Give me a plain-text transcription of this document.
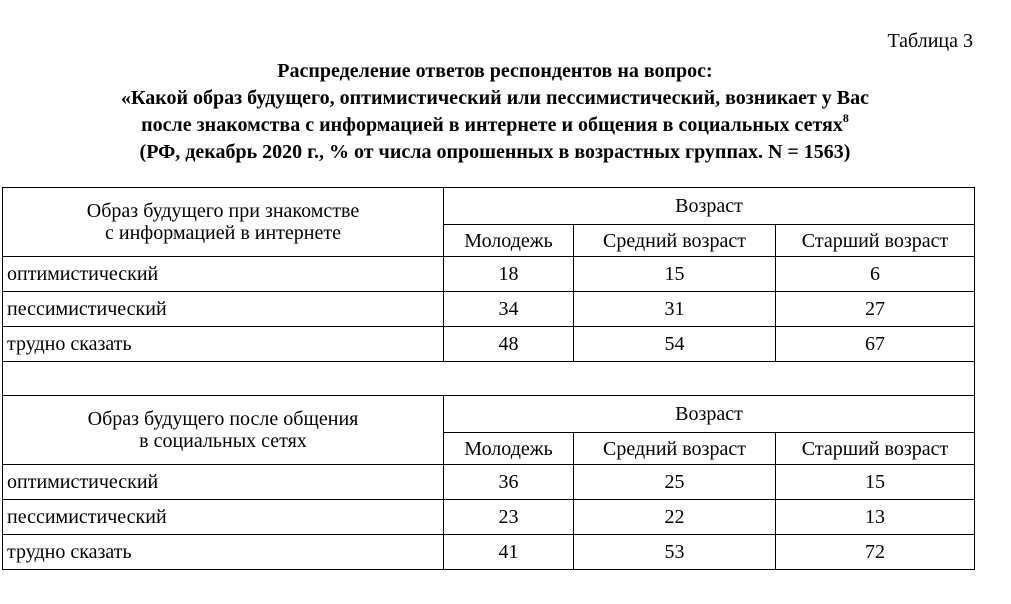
Таблица 3
Распределение ответов респондентов на вопрос:
«Какой образ будущего, оптимистический или пессимистический, возникает у Вас
после знакомства с информацией в интернете и общения в социальных сетях$^8$
(РФ, декабрь 2020 г., % от числа опрошенных в возрастных группах. N = 1563)
Образ будущего при знакомстве
с информацией в интернете	Возраст		
	Молодежь	Средний возраст	Старший возраст
оптимистический	18	15	6
пессимистический	34	31	27
трудно сказать	48	54	67

Образ будущего после общения
в социальных сетях	Возраст		
	Молодежь	Средний возраст	Старший возраст
оптимистический	36	25	15
пессимистический	23	22	13
трудно сказать	41	53	72
